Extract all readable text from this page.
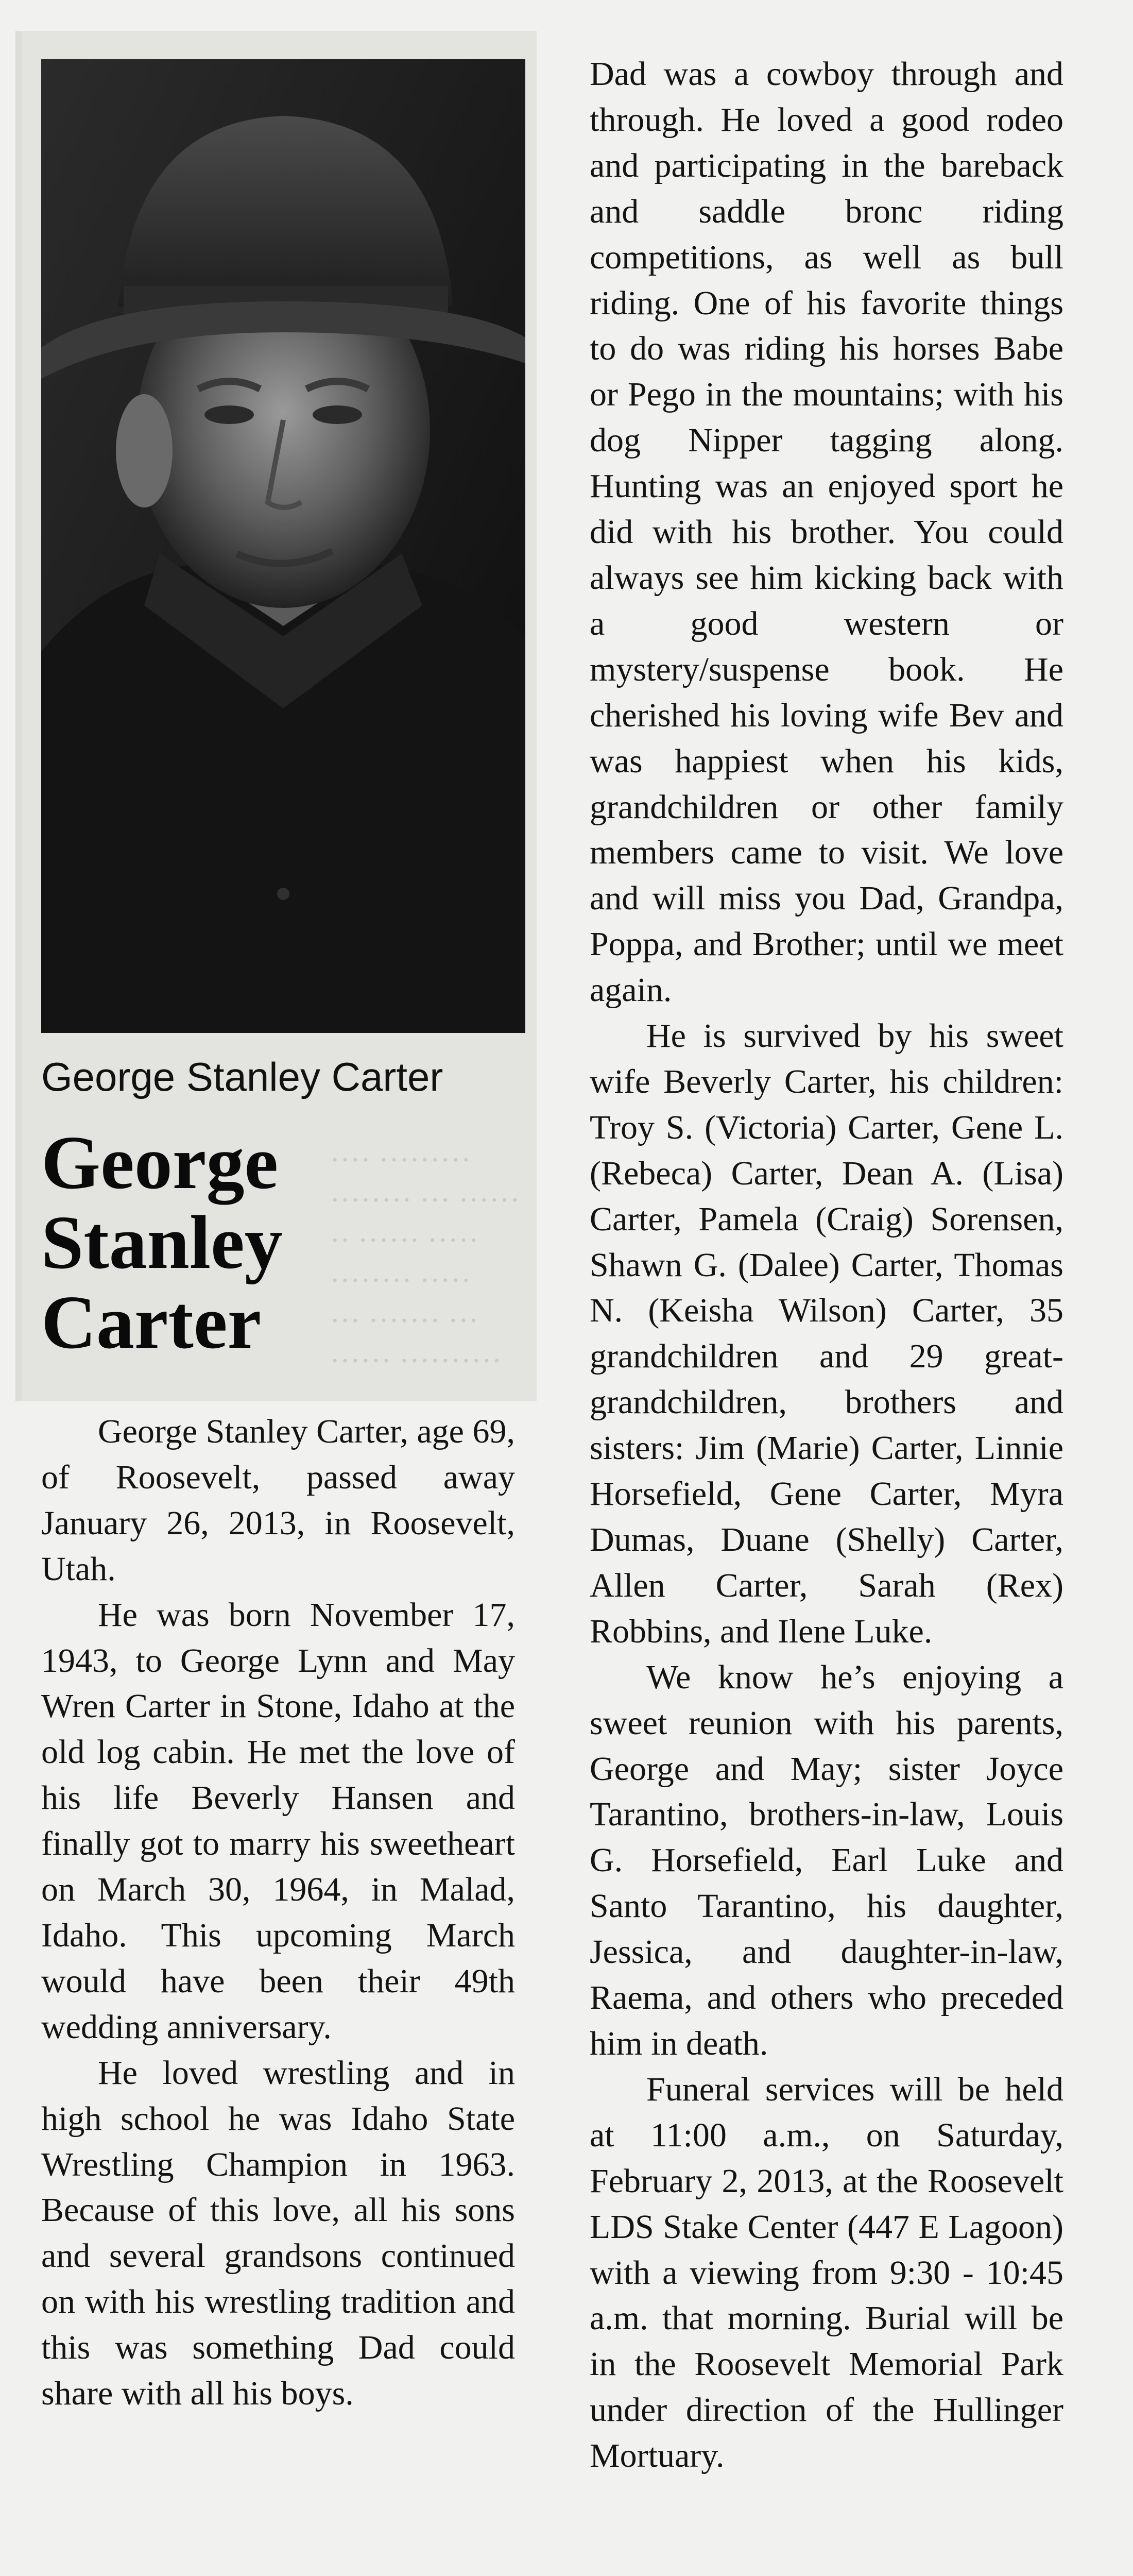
George Stanley Carter
······ ··········
··· ······· ···
········ ·····
·· ······ ·····
········ ··· ······
···· ·········
George
Stanley
Carter

George Stanley Carter, age 69, of Roosevelt, passed away January 26, 2013, in Roosevelt, Utah.

He was born November 17, 1943, to George Lynn and May Wren Carter in Stone, Idaho at the old log cabin. He met the love of his life Beverly Hansen and finally got to marry his sweetheart on March 30, 1964, in Malad, Idaho. This upcoming March would have been their 49th wedding anniversary.

He loved wrestling and in high school he was Idaho State Wrestling Champion in 1963. Because of this love, all his sons and several grandsons continued on with his wrestling tradition and this was something Dad could share with all his boys.

Dad was a cowboy through and through. He loved a good rodeo and participating in the bareback and saddle bronc riding competitions, as well as bull riding. One of his favorite things to do was riding his horses Babe or Pego in the mountains; with his dog Nipper tagging along. Hunting was an enjoyed sport he did with his brother. You could always see him kicking back with a good western or mystery/suspense book. He cherished his loving wife Bev and was happiest when his kids, grandchildren or other family members came to visit. We love and will miss you Dad, Grandpa, Poppa, and Brother; until we meet again.

He is survived by his sweet wife Beverly Carter, his children: Troy S. (Victoria) Carter, Gene L. (Rebeca) Carter, Dean A. (Lisa) Carter, Pamela (Craig) Sorensen, Shawn G. (Dalee) Carter, Thomas N. (Keisha Wilson) Carter, 35 grandchildren and 29 great-grandchildren, brothers and sisters: Jim (Marie) Carter, Linnie Horsefield, Gene Carter, Myra Dumas, Duane (Shelly) Carter, Allen Carter, Sarah (Rex) Robbins, and Ilene Luke.

We know he’s enjoying a sweet reunion with his parents, George and May; sister Joyce Tarantino, brothers-in-law, Louis G. Horsefield, Earl Luke and Santo Tarantino, his daughter, Jessica, and daughter-in-law, Raema, and others who preceded him in death.

Funeral services will be held at 11:00 a.m., on Saturday, February 2, 2013, at the Roosevelt LDS Stake Center (447 E Lagoon) with a viewing from 9:30 - 10:45 a.m. that morning. Burial will be in the Roosevelt Memorial Park under direction of the Hullinger Mortuary.
